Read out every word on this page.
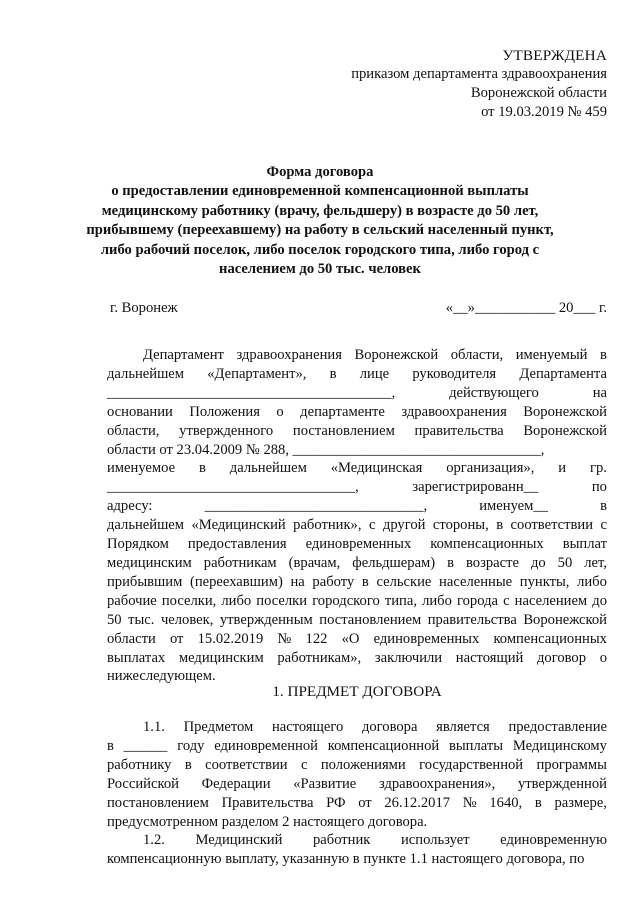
УТВЕРЖДЕНА
приказом департамента здравоохранения
Воронежской области
от 19.03.2019 № 459
Форма договора
о предоставлении единовременной компенсационной выплаты
медицинскому работнику (врачу, фельдшеру) в возрасте до 50 лет,
прибывшему (переехавшему) на работу в сельский населенный пункт,
либо рабочий поселок, либо поселок городского типа, либо город с
населением до 50 тыс. человек
г. Воронеж	«__»___________ 20___ г.
Департамент здравоохранения Воронежской области, именуемый в
дальнейшем «Департамент», в лице руководителя Департамента
_______________________________________,	действующего	на
основании Положения о департаменте здравоохранения Воронежской
области, утвержденного постановлением правительства Воронежской
области от 23.04.2009 № 288, __________________________________,
именуемое в дальнейшем «Медицинская организация», и гр.
__________________________________,	зарегистрированн__	по
адресу:	______________________________,	именуем__	в
дальнейшем «Медицинский работник», с другой стороны, в соответствии с
Порядком предоставления единовременных компенсационных выплат
медицинским работникам (врачам, фельдшерам) в возрасте до 50 лет,
прибывшим (переехавшим) на работу в сельские населенные пункты, либо
рабочие поселки, либо поселки городского типа, либо города с населением до
50 тыс. человек, утвержденным постановлением правительства Воронежской
области от 15.02.2019 № 122 «О единовременных компенсационных
выплатах медицинским работникам», заключили настоящий договор о
нижеследующем.
1. ПРЕДМЕТ ДОГОВОРА
1.1. Предметом настоящего договора является предоставление
в ______ году единовременной компенсационной выплаты Медицинскому
работнику в соответствии с положениями государственной программы
Российской Федерации «Развитие здравоохранения», утвержденной
постановлением Правительства РФ от 26.12.2017 № 1640, в размере,
предусмотренном разделом 2 настоящего договора.
1.2. Медицинский работник использует единовременную
компенсационную выплату, указанную в пункте 1.1 настоящего договора, по
